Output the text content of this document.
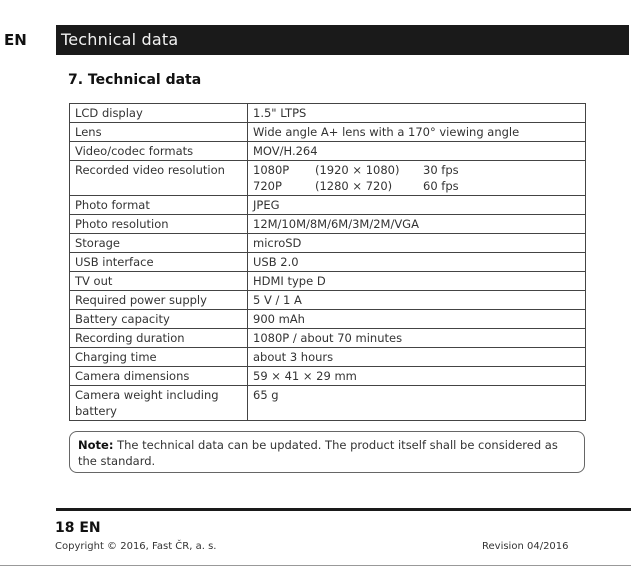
EN	Technical data
7. Technical data
LCD display	1.5" LTPS
Lens	Wide angle A+ lens with a 170° viewing angle
Video/codec formats	MOV/H.264
Recorded video resolution	1080P (1920 × 1080) 30 fps
720P (1280 × 720) 60 fps

Photo format	JPEG
Photo resolution	12M/10M/8M/6M/3M/2M/VGA
Storage	microSD
USB interface	USB 2.0
TV out	HDMI type D
Required power supply	5 V / 1 A
Battery capacity	900 mAh
Recording duration	1080P / about 70 minutes
Charging time	about 3 hours
Camera dimensions	59 × 41 × 29 mm
Camera weight including battery	65 g
Note: The technical data can be updated. The product itself shall be considered as the standard.
18 EN
Copyright © 2016, Fast ČR, a. s.	Revision 04/2016
